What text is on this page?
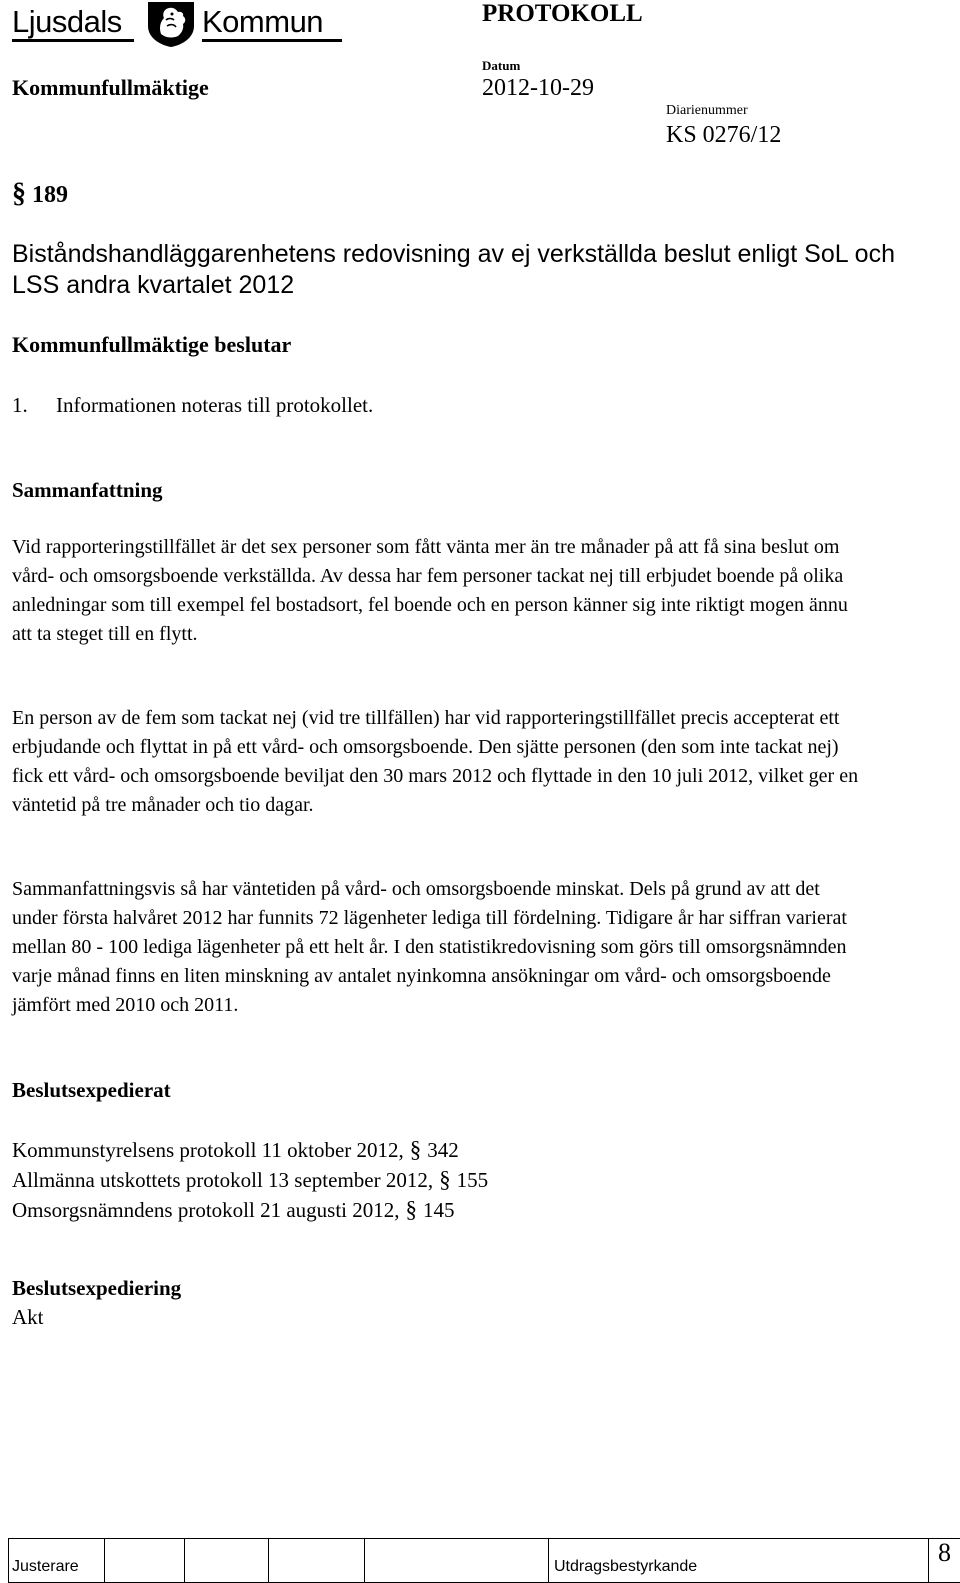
Ljusdals	Kommun	PROTOKOLL
Kommunfullmäktige
Datum
2012-10-29
Diarienummer
KS 0276/12
§ 189
Biståndshandläggarenhetens redovisning av ej verkställda beslut enligt SoL och LSS andra kvartalet 2012
Kommunfullmäktige beslutar
1. Informationen noteras till protokollet.
Sammanfattning
Vid rapporteringstillfället är det sex personer som fått vänta mer än tre månader på att få sina beslut om vård- och omsorgsboende verkställda. Av dessa har fem personer tackat nej till erbjudet boende på olika anledningar som till exempel fel bostadsort, fel boende och en person känner sig inte riktigt mogen ännu att ta steget till en flytt.
En person av de fem som tackat nej (vid tre tillfällen) har vid rapporteringstillfället precis accepterat ett erbjudande och flyttat in på ett vård- och omsorgsboende. Den sjätte personen (den som inte tackat nej) fick ett vård- och omsorgsboende beviljat den 30 mars 2012 och flyttade in den 10 juli 2012, vilket ger en väntetid på tre månader och tio dagar.
Sammanfattningsvis så har väntetiden på vård- och omsorgsboende minskat. Dels på grund av att det under första halvåret 2012 har funnits 72 lägenheter lediga till fördelning. Tidigare år har siffran varierat mellan 80 - 100 lediga lägenheter på ett helt år. I den statistikredovisning som görs till omsorgsnämnden varje månad finns en liten minskning av antalet nyinkomna ansökningar om vård- och omsorgsboende jämfört med 2010 och 2011.
Beslutsexpedierat
Kommunstyrelsens protokoll 11 oktober 2012, § 342
Allmänna utskottets protokoll 13 september 2012, § 155
Omsorgsnämndens protokoll 21 augusti 2012, § 145
Beslutsexpediering
Akt
Justerare	Utdragsbestyrkande	8
